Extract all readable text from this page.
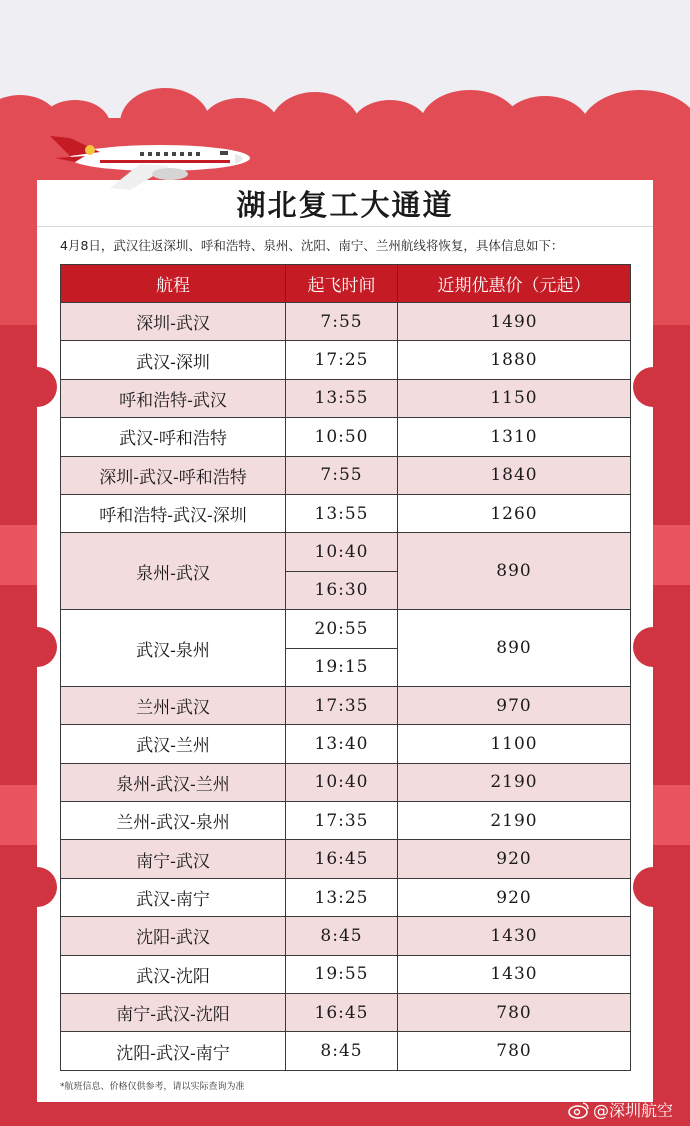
湖北复工大通道
4月8日，武汉往返深圳、呼和浩特、泉州、沈阳、南宁、兰州航线将恢复，具体信息如下：
航程	起飞时间	近期优惠价（元起）
深圳-武汉	7:55	1490
武汉-深圳	17:25	1880
呼和浩特-武汉	13:55	1150
武汉-呼和浩特	10:50	1310
深圳-武汉-呼和浩特	7:55	1840
呼和浩特-武汉-深圳	13:55	1260
泉州-武汉	10:40	890
	16:30	
武汉-泉州	20:55	890
	19:15	
兰州-武汉	17:35	970
武汉-兰州	13:40	1100
泉州-武汉-兰州	10:40	2190
兰州-武汉-泉州	17:35	2190
南宁-武汉	16:45	920
武汉-南宁	13:25	920
沈阳-武汉	8:45	1430
武汉-沈阳	19:55	1430
南宁-武汉-沈阳	16:45	780
沈阳-武汉-南宁	8:45	780
*航班信息、价格仅供参考，请以实际查询为准
@深圳航空
